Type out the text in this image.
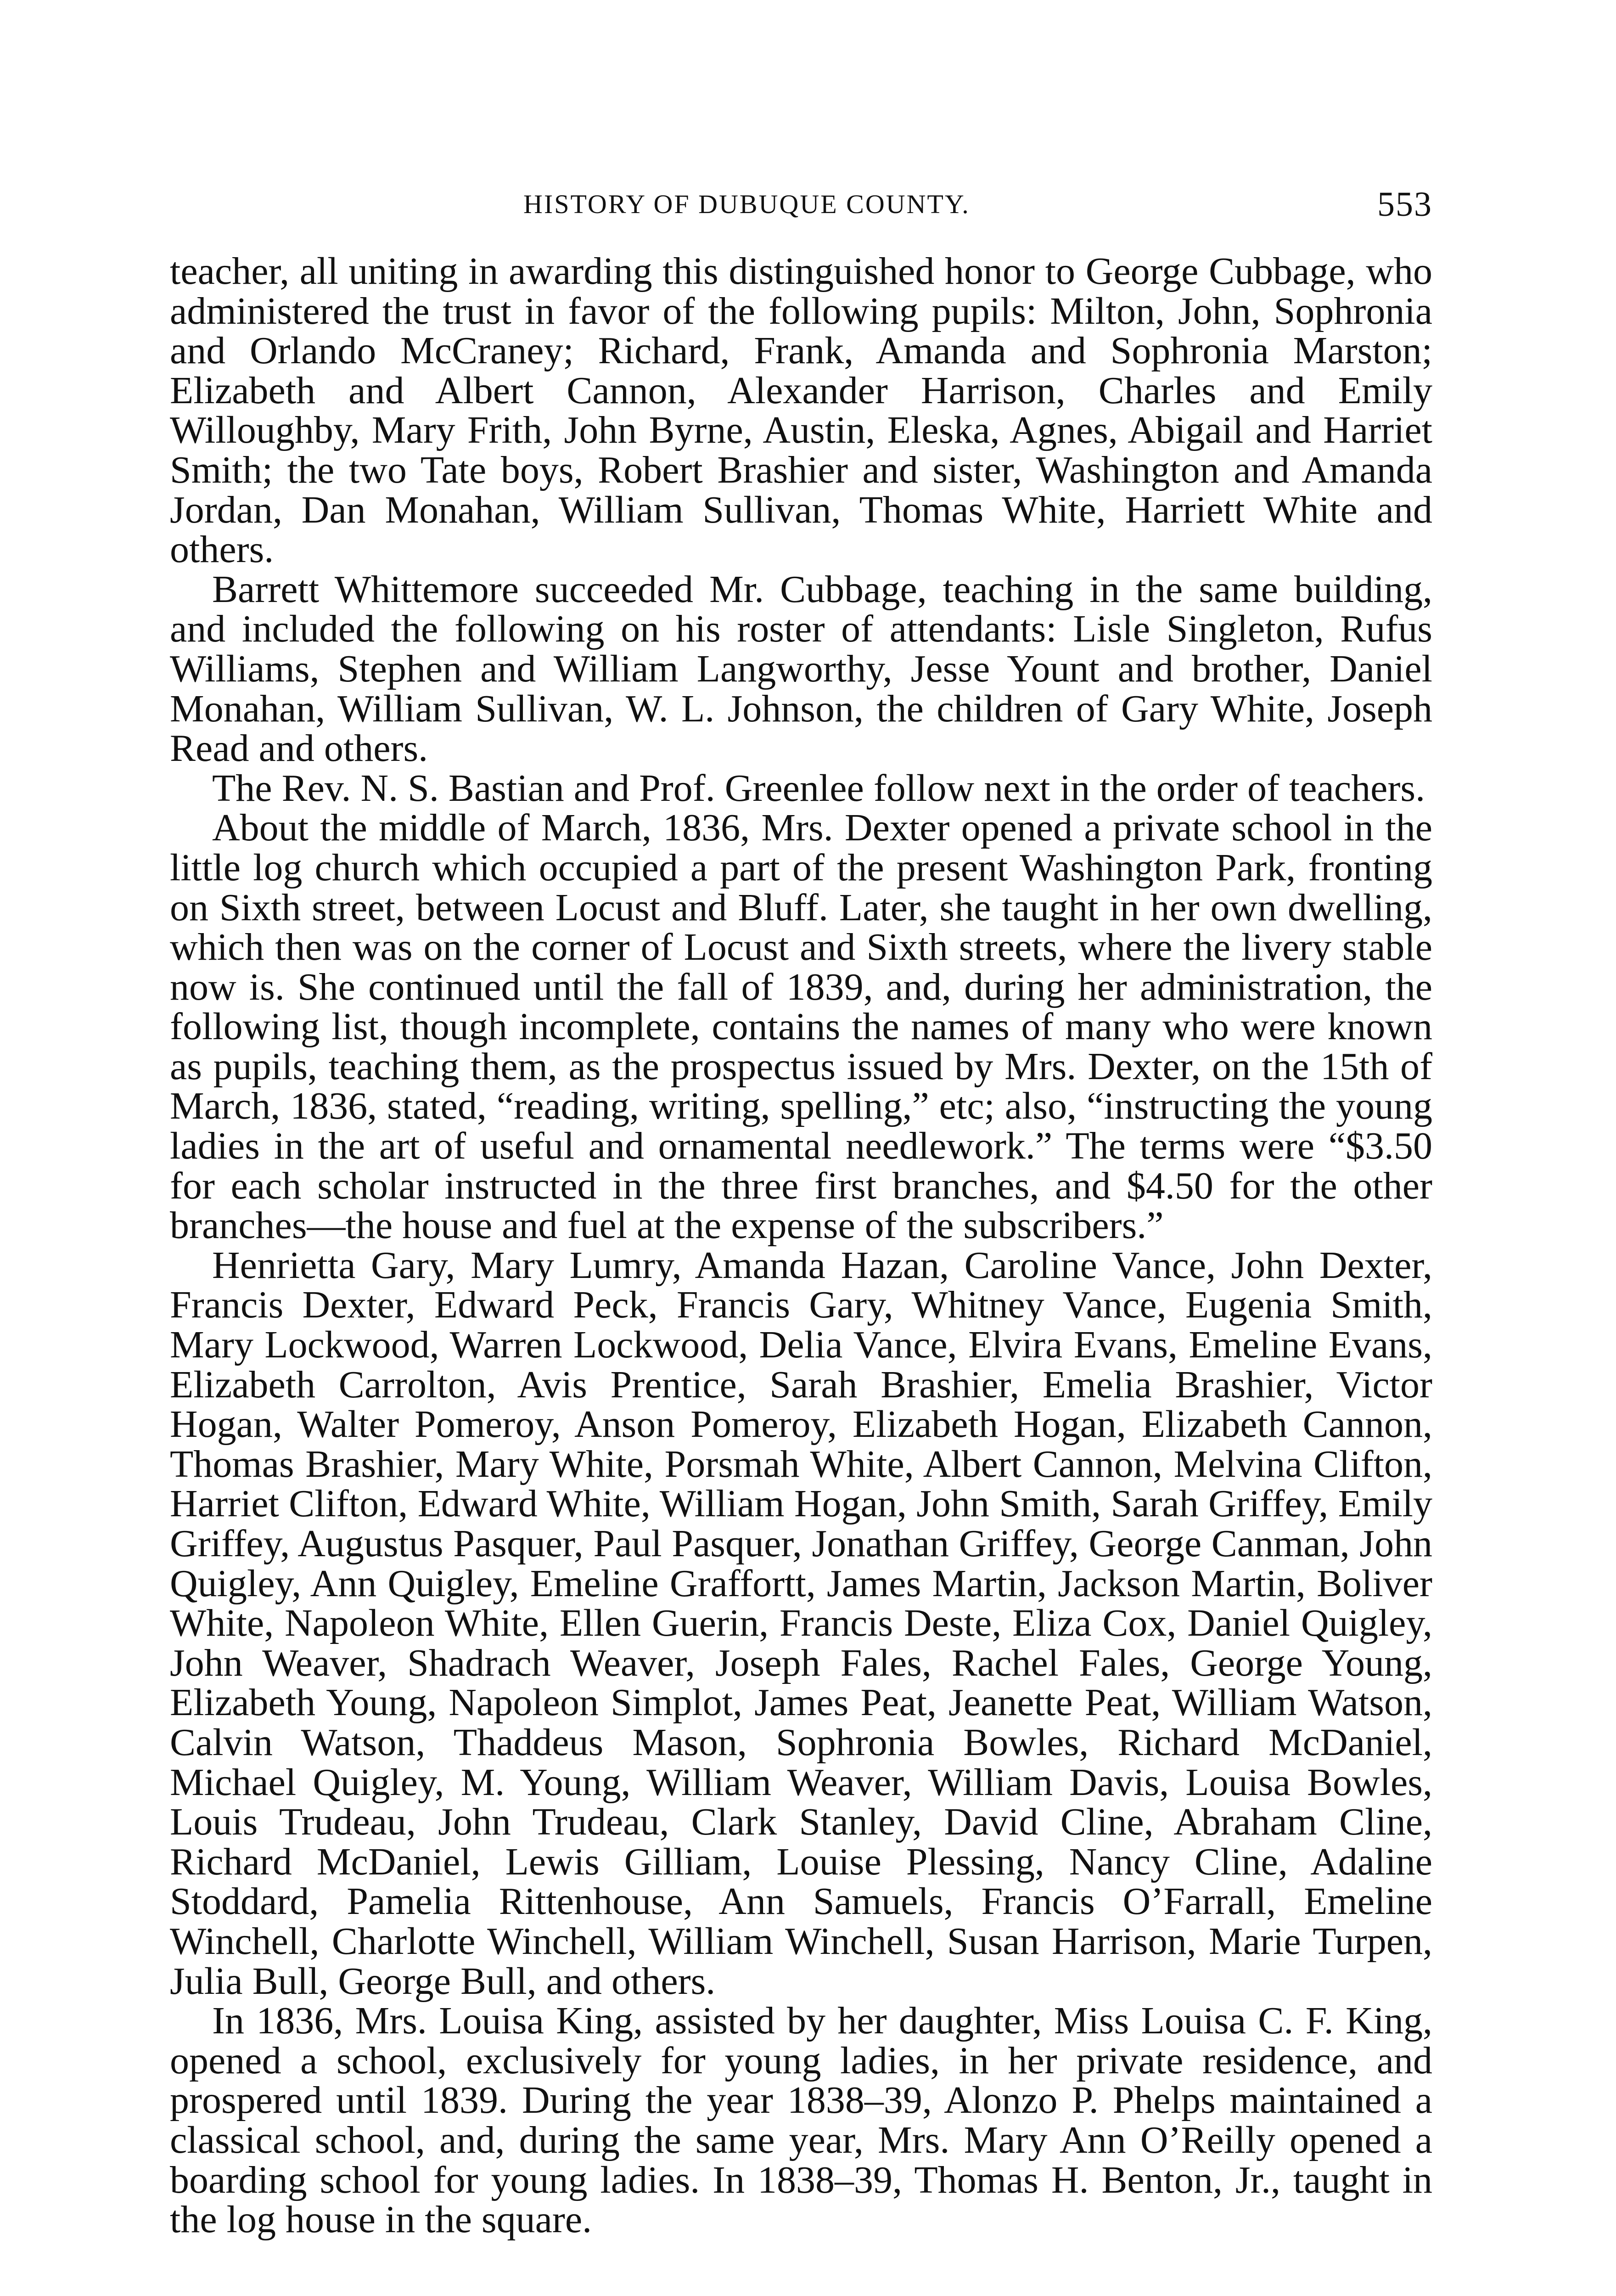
HISTORY OF DUBUQUE COUNTY.	553

teacher, all uniting in awarding this distinguished honor to George Cubbage, who administered the trust in favor of the following pupils: Milton, John, Sophronia and Orlando McCraney; Richard, Frank, Amanda and Sophronia Marston; Elizabeth and Albert Cannon, Alexander Harrison, Charles and Emily Willoughby, Mary Frith, John Byrne, Austin, Eleska, Agnes, Abigail and Harriet Smith; the two Tate boys, Robert Brashier and sister, Washington and Amanda Jordan, Dan Monahan, William Sullivan, Thomas White, Harriett White and others.

Barrett Whittemore succeeded Mr. Cubbage, teaching in the same building, and included the following on his roster of attendants: Lisle Singleton, Rufus Williams, Stephen and William Langworthy, Jesse Yount and brother, Daniel Monahan, William Sullivan, W. L. Johnson, the children of Gary White, Joseph Read and others.

The Rev. N. S. Bastian and Prof. Greenlee follow next in the order of teachers.

About the middle of March, 1836, Mrs. Dexter opened a private school in the little log church which occupied a part of the present Washington Park, fronting on Sixth street, between Locust and Bluff. Later, she taught in her own dwelling, which then was on the corner of Locust and Sixth streets, where the livery stable now is. She continued until the fall of 1839, and, during her administration, the following list, though incomplete, contains the names of many who were known as pupils, teaching them, as the prospectus issued by Mrs. Dexter, on the 15th of March, 1836, stated, “reading, writing, spelling,” etc; also, “instructing the young ladies in the art of useful and ornamental needlework.” The terms were “$3.50 for each scholar instructed in the three first branches, and $4.50 for the other branches—the house and fuel at the expense of the subscribers.”

Henrietta Gary, Mary Lumry, Amanda Hazan, Caroline Vance, John Dexter, Francis Dexter, Edward Peck, Francis Gary, Whitney Vance, Eugenia Smith, Mary Lockwood, Warren Lockwood, Delia Vance, Elvira Evans, Emeline Evans, Elizabeth Carrolton, Avis Prentice, Sarah Brashier, Emelia Brashier, Victor Hogan, Walter Pomeroy, Anson Pomeroy, Elizabeth Hogan, Elizabeth Cannon, Thomas Brashier, Mary White, Porsmah White, Albert Cannon, Melvina Clifton, Harriet Clifton, Edward White, William Hogan, John Smith, Sarah Griffey, Emily Griffey, Augustus Pasquer, Paul Pasquer, Jonathan Griffey, George Canman, John Quigley, Ann Quigley, Emeline Graffortt, James Martin, Jackson Martin, Boliver White, Napoleon White, Ellen Guerin, Francis Deste, Eliza Cox, Daniel Quigley, John Weaver, Shadrach Weaver, Joseph Fales, Rachel Fales, George Young, Elizabeth Young, Napoleon Simplot, James Peat, Jeanette Peat, William Watson, Calvin Watson, Thaddeus Mason, Sophronia Bowles, Richard McDaniel, Michael Quigley, M. Young, William Weaver, William Davis, Louisa Bowles, Louis Trudeau, John Trudeau, Clark Stanley, David Cline, Abraham Cline, Richard McDaniel, Lewis Gilliam, Louise Plessing, Nancy Cline, Adaline Stoddard, Pamelia Rittenhouse, Ann Samuels, Francis O’Farrall, Emeline Winchell, Charlotte Winchell, William Winchell, Susan Harrison, Marie Turpen, Julia Bull, George Bull, and others.

In 1836, Mrs. Louisa King, assisted by her daughter, Miss Louisa C. F. King, opened a school, exclusively for young ladies, in her private residence, and prospered until 1839. During the year 1838–39, Alonzo P. Phelps maintained a classical school, and, during the same year, Mrs. Mary Ann O’Reilly opened a boarding school for young ladies. In 1838–39, Thomas H. Benton, Jr., taught in the log house in the square.
